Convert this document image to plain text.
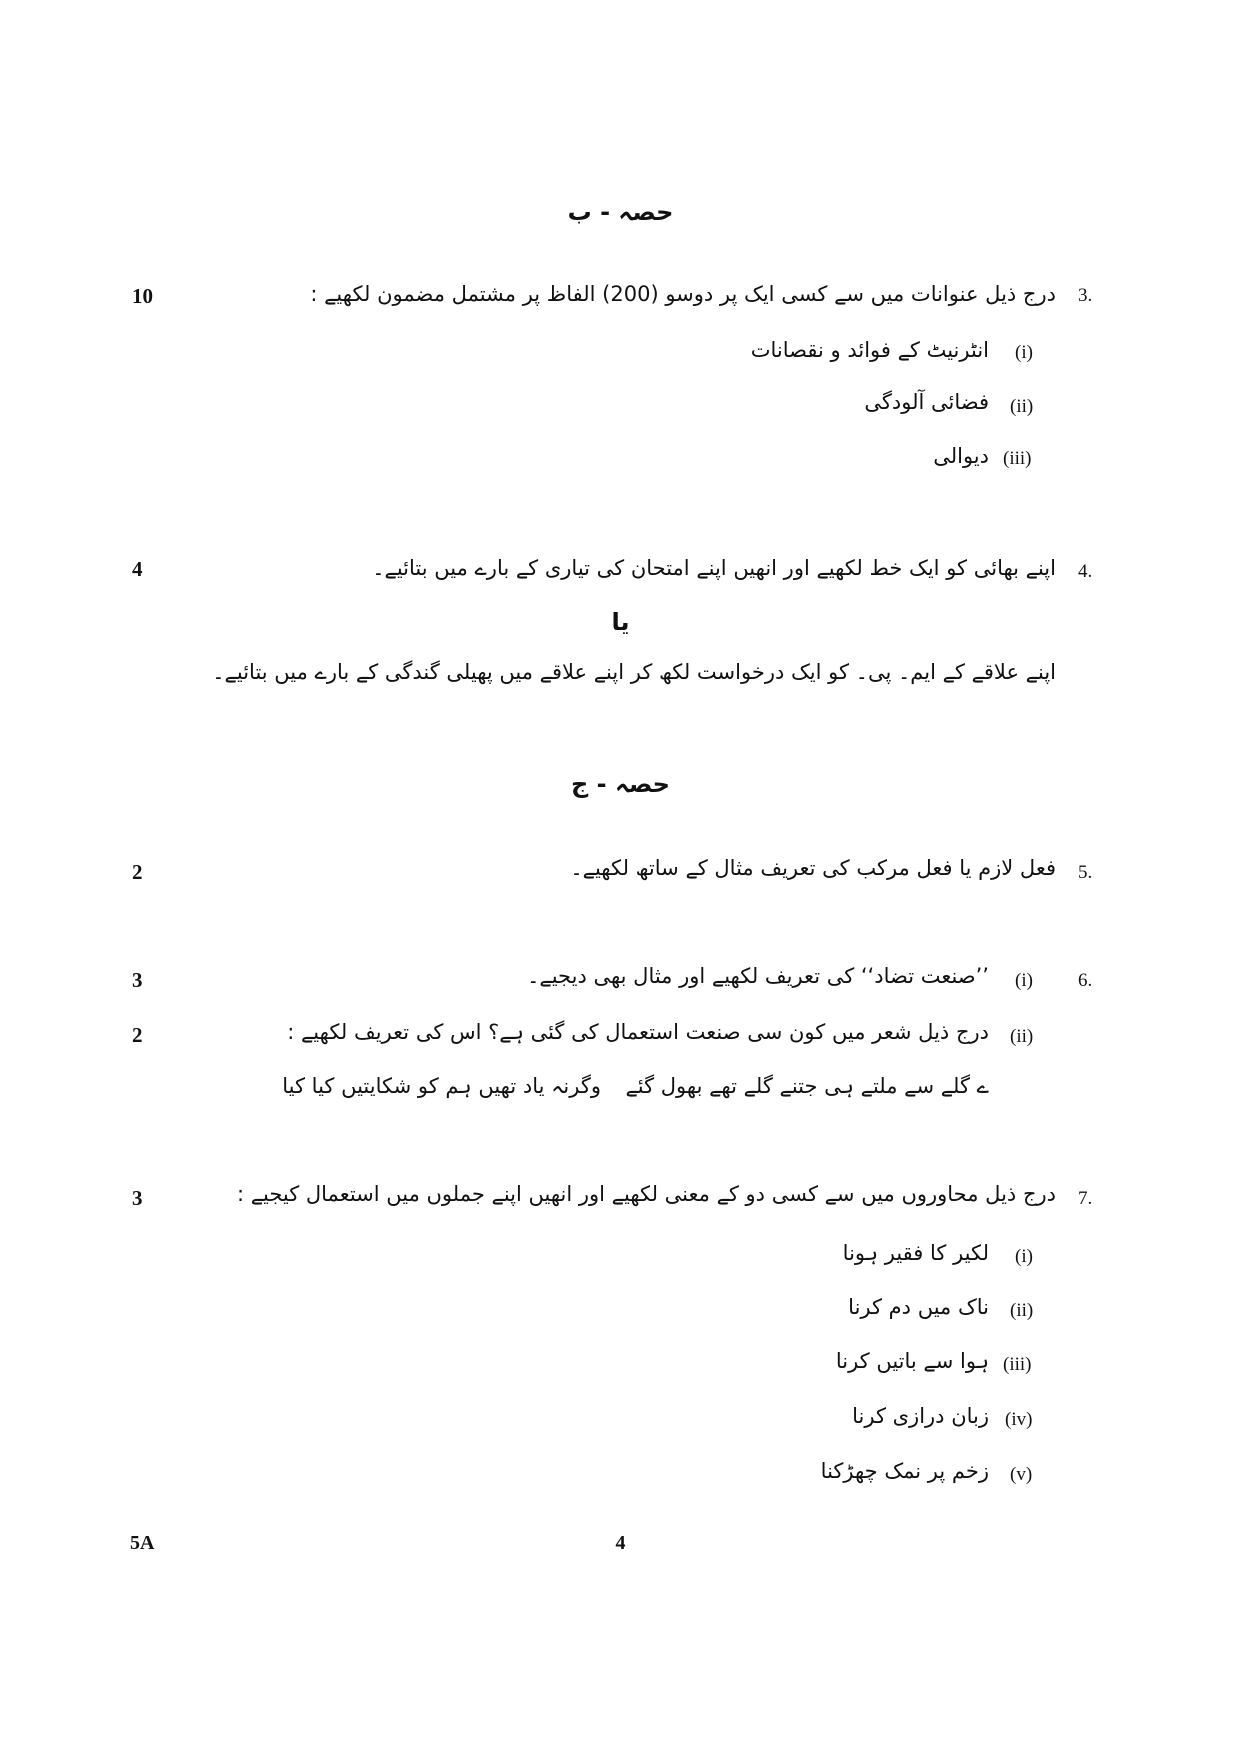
حصہ - ب
10	درج ذیل عنوانات میں سے کسی ایک پر دوسو (200) الفاظ پر مشتمل مضمون لکھیے : 3.
(i)
انٹرنیٹ کے فوائد و نقصانات
(ii)
فضائی آلودگی
(iii)
دیوالی
4	اپنے بھائی کو ایک خط لکھیے اور انھیں اپنے امتحان کی تیاری کے بارے میں بتائیے۔ 4.
یا
اپنے علاقے کے ایم۔ پی۔ کو ایک درخواست لکھ کر اپنے علاقے میں پھیلی گندگی کے بارے میں بتائیے۔
حصہ - ج
2	فعل لازم یا فعل مرکب کی تعریف مثال کے ساتھ لکھیے۔ 5.
3	(i)
’’صنعت تضاد‘‘ کی تعریف لکھیے اور مثال بھی دیجیے۔	6.
2	(ii)
درج ذیل شعر میں کون سی صنعت استعمال کی گئی ہے؟ اس کی تعریف لکھیے :
ے گلے سے ملتے ہی جتنے گلے تھے بھول گئے
وگرنہ یاد تھیں ہم کو شکایتیں کیا کیا
3	درج ذیل محاوروں میں سے کسی دو کے معنی لکھیے اور انھیں اپنے جملوں میں استعمال کیجیے : 7.
(i)
لکیر کا فقیر ہونا
(ii)
ناک میں دم کرنا
(iii)
ہوا سے باتیں کرنا
(iv)
زبان درازی کرنا
(v)
زخم پر نمک چھڑکنا
5A	4
